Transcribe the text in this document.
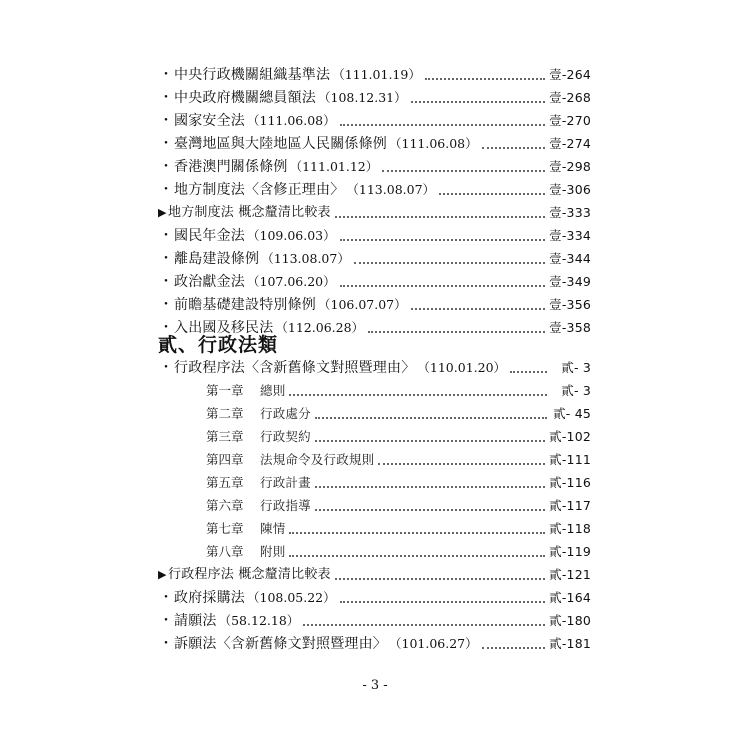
・ 中央行政機關組織基準法 （111.01.19）	壹-264
・ 中央政府機關總員額法 （108.12.31）	壹-268
・ 國家安全法 （111.06.08）	壹-270
・ 臺灣地區與大陸地區人民關係條例 （111.06.08）	壹-274
・ 香港澳門關係條例 （111.01.12）	壹-298
・ 地方制度法〈含修正理由〉 （113.08.07）	壹-306
▶ 地方制度法 概念釐清比較表	壹-333
・ 國民年金法 （109.06.03）	壹-334
・ 離島建設條例 （113.08.07）	壹-344
・ 政治獻金法 （107.06.20）	壹-349
・ 前瞻基礎建設特別條例 （106.07.07）	壹-356
・ 入出國及移民法 （112.06.28）	壹-358
・ 行政程序法〈含新舊條文對照暨理由〉 （110.01.20）	貳- 3
第一章	總則	貳- 3
第二章	行政處分	貳- 45
第三章	行政契約	貳-102
第四章	法規命令及行政規則	貳-111
第五章	行政計畫	貳-116
第六章	行政指導	貳-117
第七章	陳情	貳-118
第八章	附則	貳-119
▶ 行政程序法 概念釐清比較表	貳-121
・ 政府採購法 （108.05.22）	貳-164
・ 請願法 （58.12.18）	貳-180
・ 訴願法〈含新舊條文對照暨理由〉 （101.06.27）	貳-181
貳、行政法類
- 3 -
